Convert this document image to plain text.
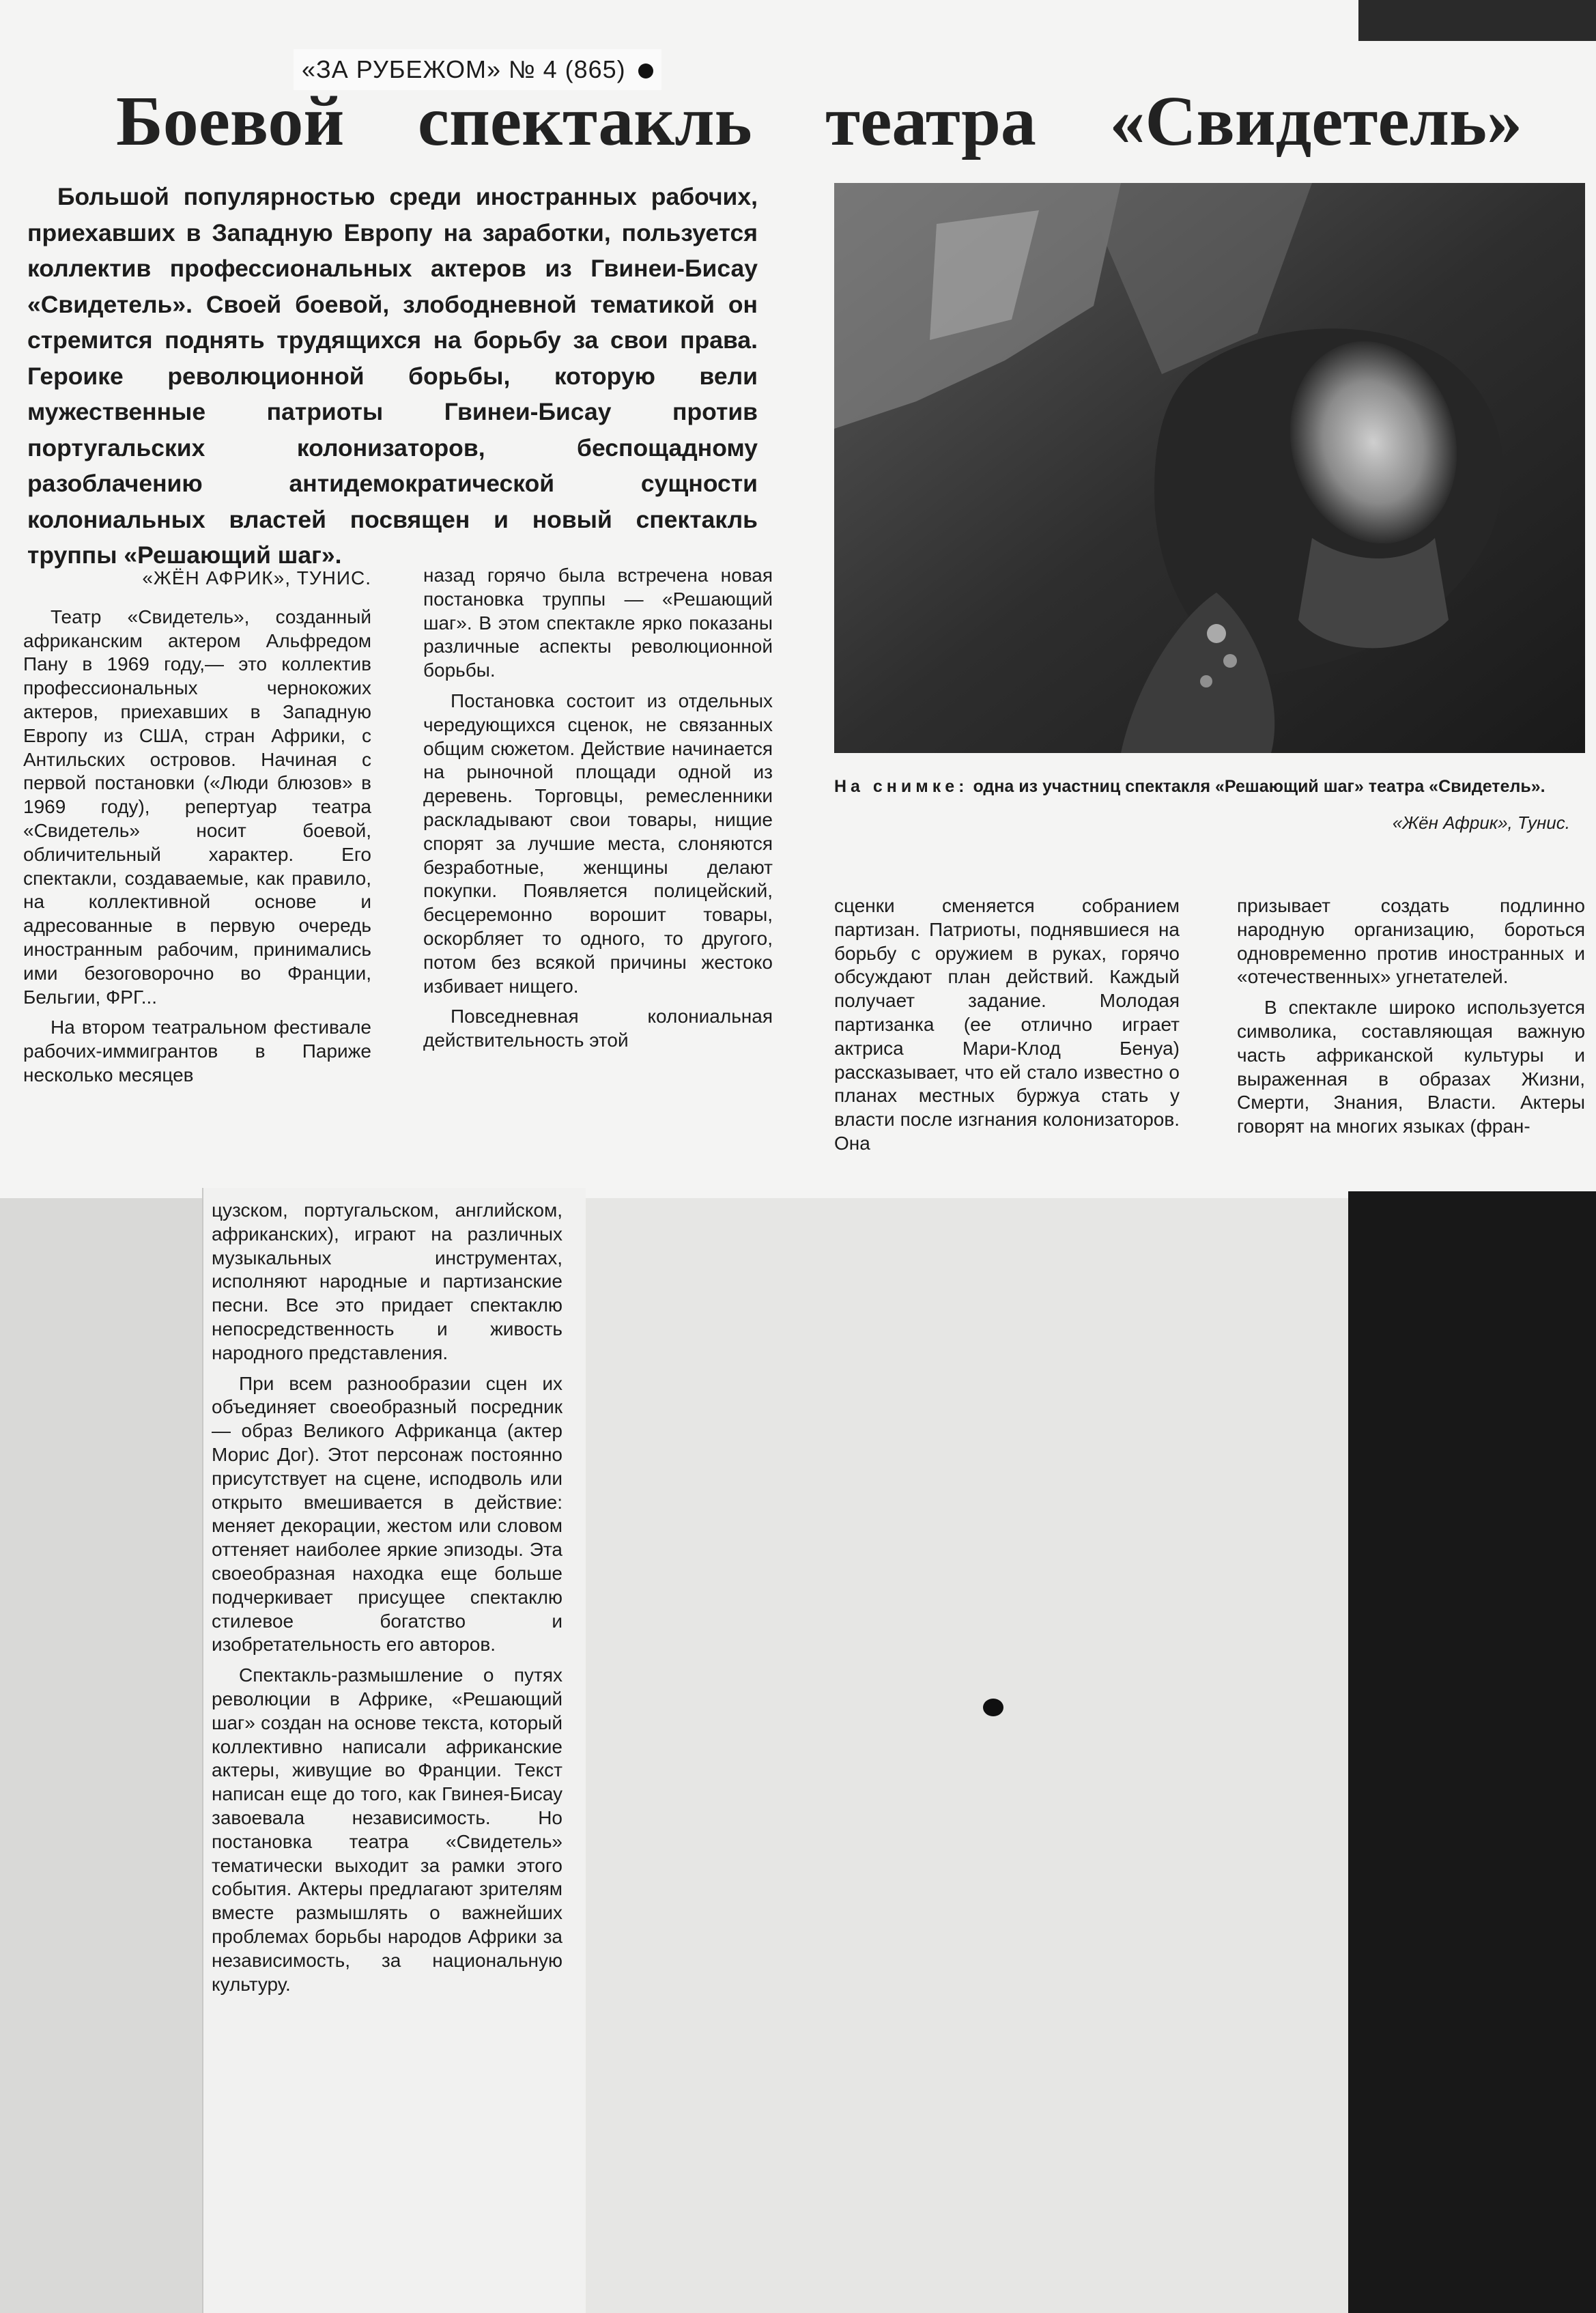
«ЗА РУБЕЖОМ» № 4 (865)
Боевой спектакль театра «Свидетель»
Большой популярностью среди иностранных рабочих, приехавших в Западную Европу на заработки, пользуется коллектив профессиональных актеров из Гвинеи-Бисау «Свидетель». Своей боевой, злободневной тематикой он стремится поднять трудящихся на борьбу за свои права. Героике революционной борьбы, которую вели мужественные патриоты Гвинеи-Бисау против португальских колонизаторов, беспощадному разоблачению антидемократической сущности колониальных властей посвящен и новый спектакль труппы «Решающий шаг».
На снимке: одна из участниц спектакля «Решающий шаг» театра «Свидетель».
«Жён Африк», Тунис.

«ЖЁН АФРИК», ТУНИС.

Театр «Свидетель», созданный африканским актером Альфредом Пану в 1969 году,— это коллектив профессиональных чернокожих актеров, приехавших в Западную Европу из США, стран Африки, с Антильских островов. Начиная с первой постановки («Люди блюзов» в 1969 году), репертуар театра «Свидетель» носит боевой, обличительный характер. Его спектакли, создаваемые, как правило, на коллективной основе и адресованные в первую очередь иностранным рабочим, принимались ими безоговорочно во Франции, Бельгии, ФРГ...

На втором театральном фестивале рабочих-иммигрантов в Париже несколько месяцев

назад горячо была встречена новая постановка труппы — «Решающий шаг». В этом спектакле ярко показаны различные аспекты революционной борьбы.

Постановка состоит из отдельных чередующихся сценок, не связанных общим сюжетом. Действие начинается на рыночной площади одной из деревень. Торговцы, ремесленники раскладывают свои товары, нищие спорят за лучшие места, слоняются безработные, женщины делают покупки. Появляется полицейский, бесцеремонно ворошит товары, оскорбляет то одного, то другого, потом без всякой причины жестоко избивает нищего.

Повседневная колониальная действительность этой

сценки сменяется собранием партизан. Патриоты, поднявшиеся на борьбу с оружием в руках, горячо обсуждают план действий. Каждый получает задание. Молодая партизанка (ее отлично играет актриса Мари-Клод Бенуа) рассказывает, что ей стало известно о планах местных буржуа стать у власти после изгнания колонизаторов. Она

призывает создать подлинно народную организацию, бороться одновременно против иностранных и «отечественных» угнетателей.

В спектакле широко используется символика, составляющая важную часть африканской культуры и выраженная в образах Жизни, Смерти, Знания, Власти. Актеры говорят на многих языках (фран-

цузском, португальском, английском, африканских), играют на различных музыкальных инструментах, исполняют народные и партизанские песни. Все это придает спектаклю непосредственность и живость народного представления.

При всем разнообразии сцен их объединяет своеобразный посредник — образ Великого Африканца (актер Морис Дог). Этот персонаж постоянно присутствует на сцене, исподволь или открыто вмешивается в действие: меняет декорации, жестом или словом оттеняет наиболее яркие эпизоды. Эта своеобразная находка еще больше подчеркивает присущее спектаклю стилевое богатство и изобретательность его авторов.

Спектакль-размышление о путях революции в Африке, «Решающий шаг» создан на основе текста, который коллективно написали африканские актеры, живущие во Франции. Текст написан еще до того, как Гвинея-Бисау завоевала независимость. Но постановка театра «Свидетель» тематически выходит за рамки этого события. Актеры предлагают зрителям вместе размышлять о важнейших проблемах борьбы народов Африки за независимость, за национальную культуру.
